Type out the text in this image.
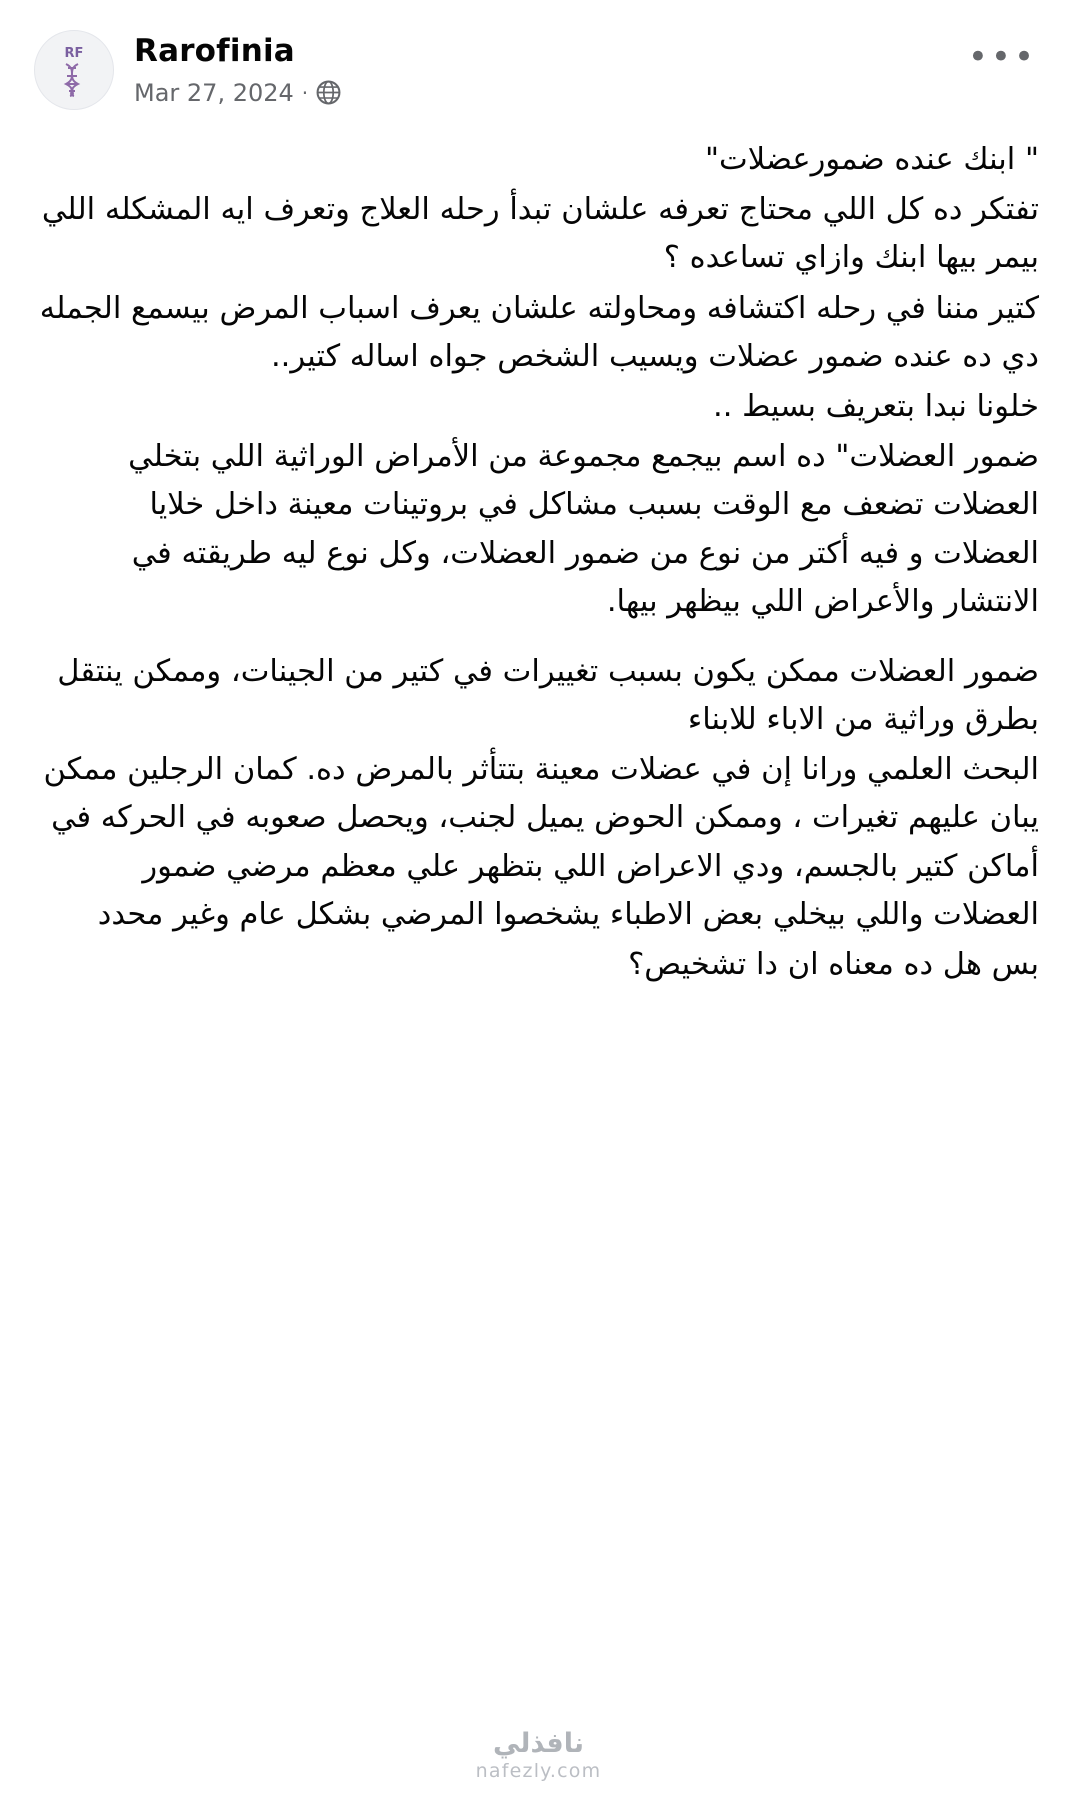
RF Rarofinia
Mar 27, 2024 ·
•••

" ابنك عنده ضمورعضلات"

تفتكر ده كل اللي محتاج تعرفه علشان تبدأ رحله العلاج وتعرف ايه المشكله اللي بيمر بيها ابنك وازاي تساعده ؟

كتير مننا في رحله اكتشافه ومحاولته علشان يعرف اسباب المرض بيسمع الجمله دي ده عنده ضمور عضلات ويسيب الشخص جواه اساله كتير..

خلونا نبدا بتعريف بسيط ..

ضمور العضلات" ده اسم بيجمع مجموعة من الأمراض الوراثية اللي بتخلي العضلات تضعف مع الوقت بسبب مشاكل في بروتينات معينة داخل خلايا العضلات و فيه أكتر من نوع من ضمور العضلات، وكل نوع ليه طريقته في الانتشار والأعراض اللي بيظهر بيها.

ضمور العضلات ممكن يكون بسبب تغييرات في كتير من الجينات، وممكن ينتقل بطرق وراثية من الاباء للابناء

البحث العلمي ورانا إن في عضلات معينة بتتأثر بالمرض ده. كمان الرجلين ممكن يبان عليهم تغيرات ، وممكن الحوض يميل لجنب، ويحصل صعوبه في الحركه في أماكن كتير بالجسم، ودي الاعراض اللي بتظهر علي معظم مرضي ضمور العضلات واللي بيخلي بعض الاطباء يشخصوا المرضي بشكل عام وغير محدد

بس هل ده معناه ان دا تشخيص؟

نافذلي
nafezly.com
